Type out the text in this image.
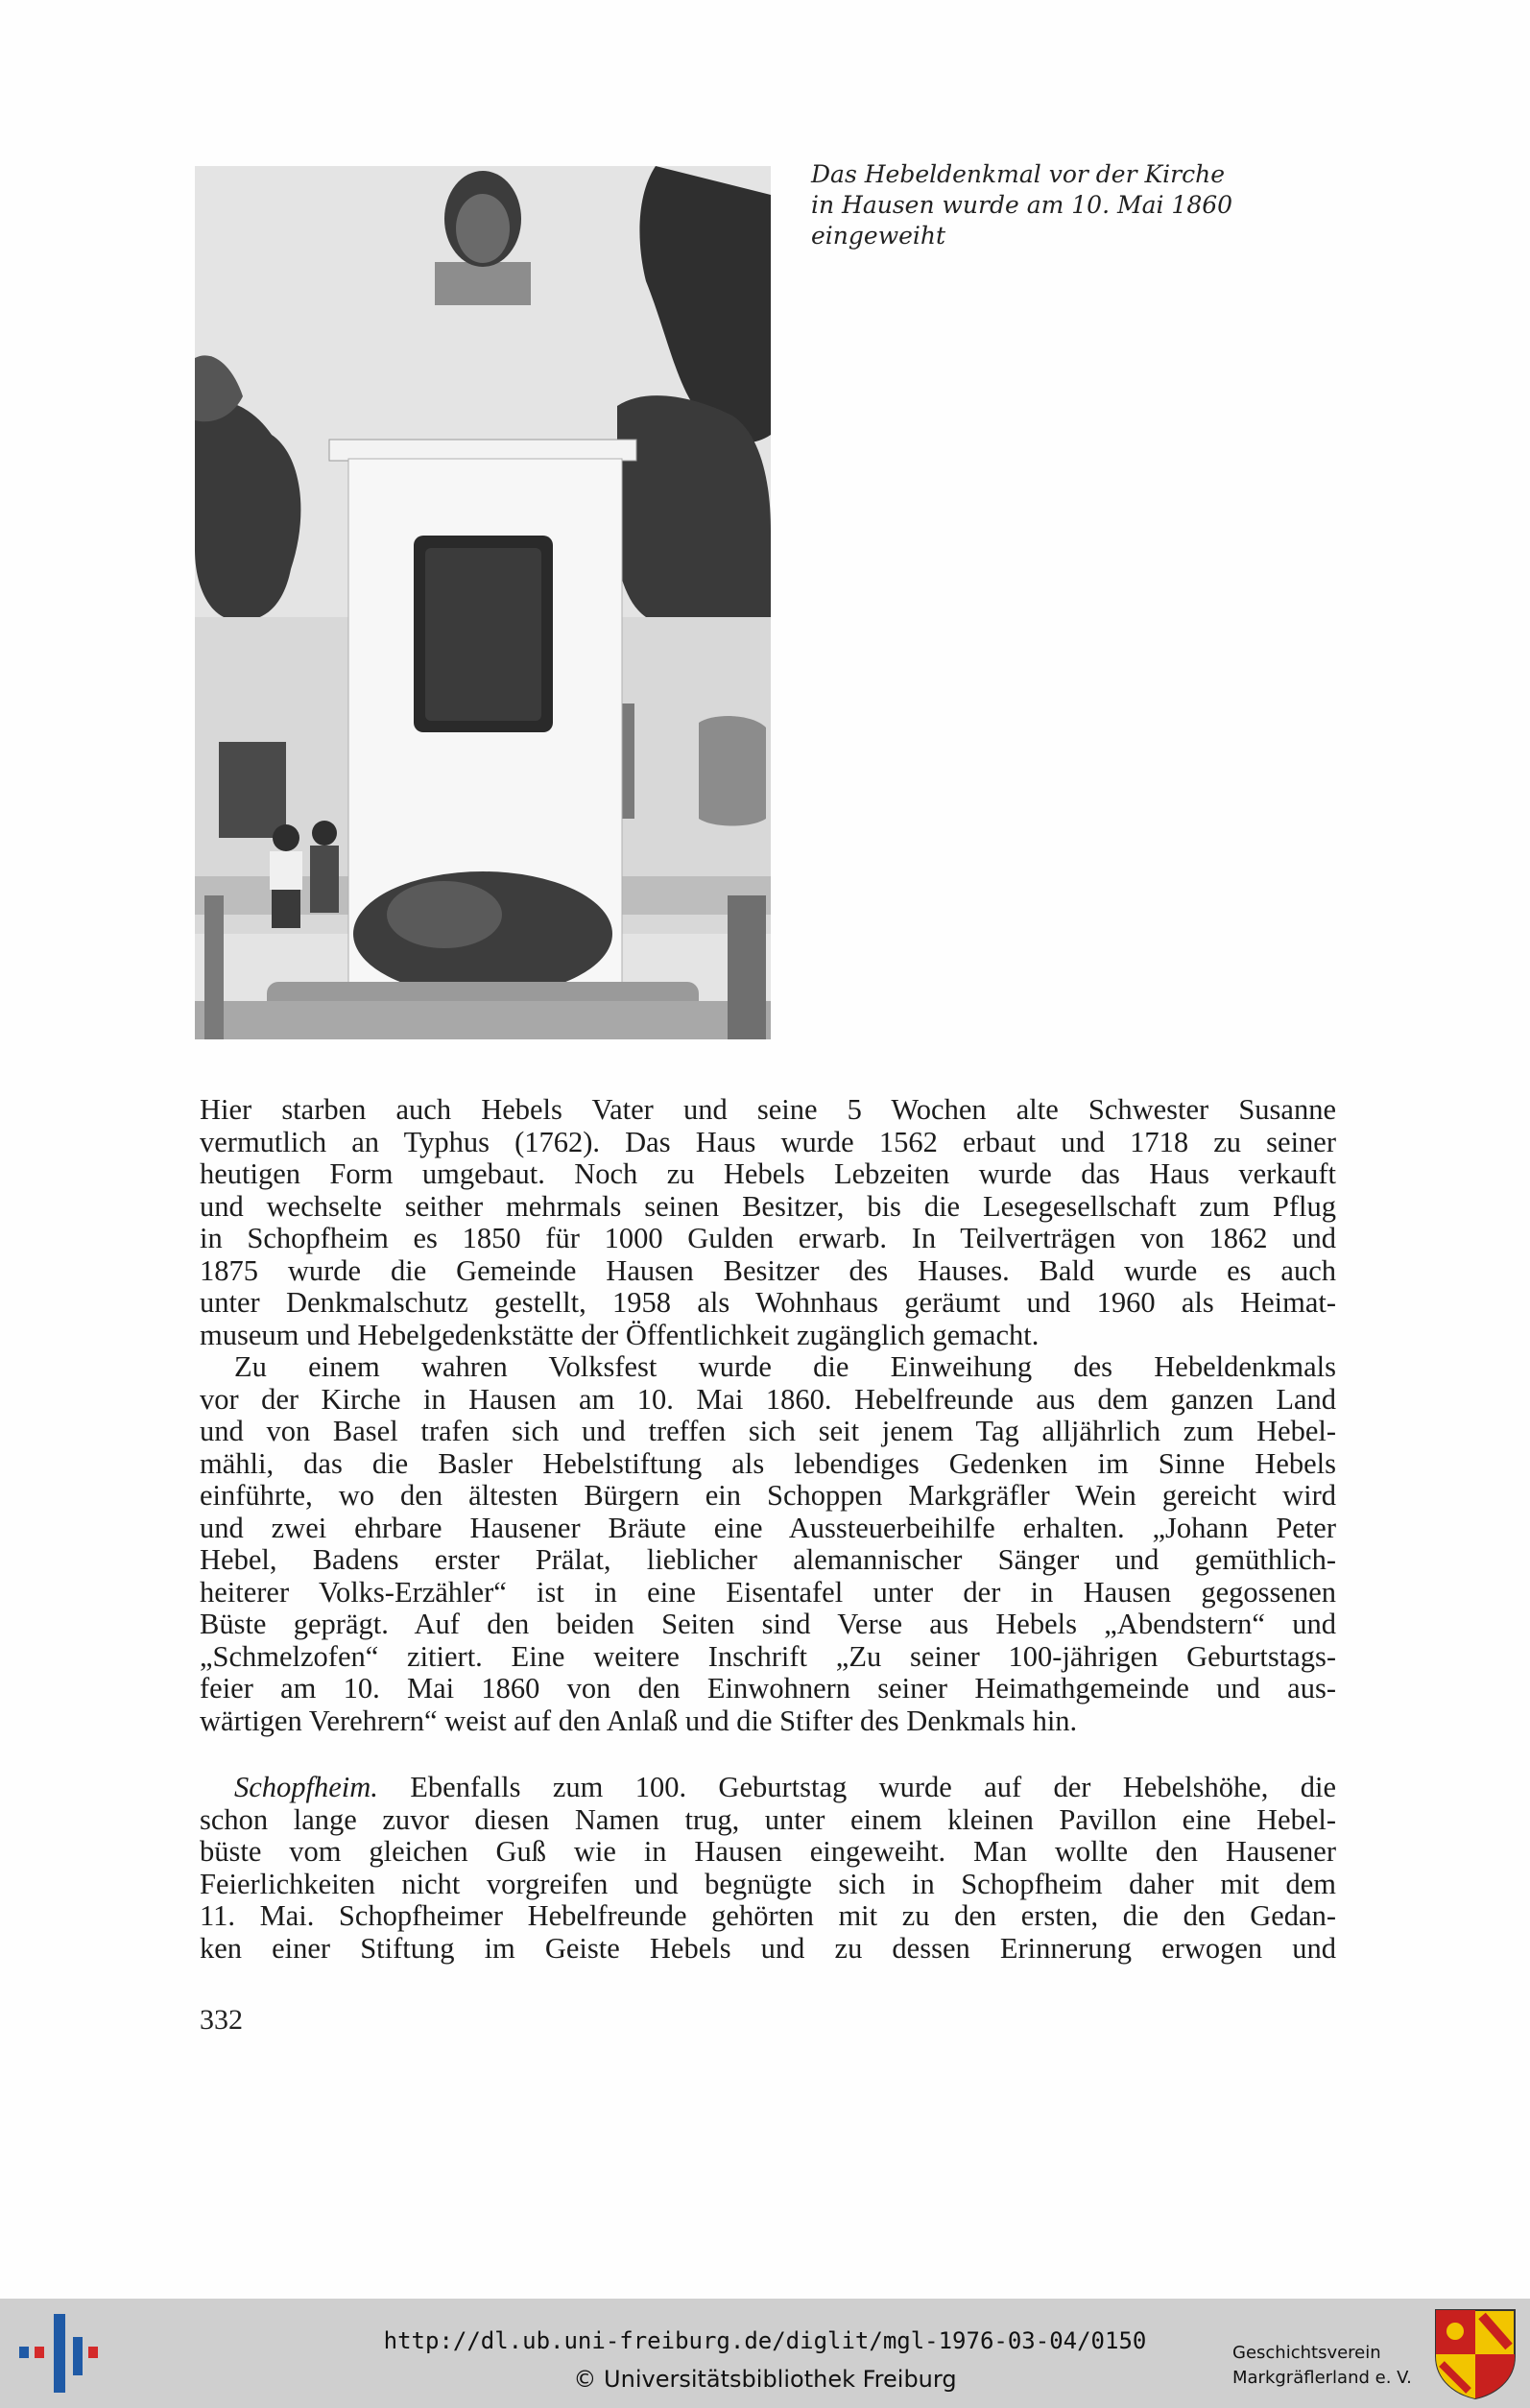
Das Hebeldenkmal vor der Kirche
in Hausen wurde am 10. Mai 1860
eingeweiht
Hier starben auch Hebels Vater und seine 5 Wochen alte Schwester Susanne
vermutlich an Typhus (1762). Das Haus wurde 1562 erbaut und 1718 zu seiner
heutigen Form umgebaut. Noch zu Hebels Lebzeiten wurde das Haus verkauft
und wechselte seither mehrmals seinen Besitzer, bis die Lesegesellschaft zum Pflug
in Schopfheim es 1850 für 1000 Gulden erwarb. In Teilverträgen von 1862 und
1875 wurde die Gemeinde Hausen Besitzer des Hauses. Bald wurde es auch
unter Denkmalschutz gestellt, 1958 als Wohnhaus geräumt und 1960 als Heimat-
museum und Hebelgedenkstätte der Öffentlichkeit zugänglich gemacht.
Zu einem wahren Volksfest wurde die Einweihung des Hebeldenkmals
vor der Kirche in Hausen am 10. Mai 1860. Hebelfreunde aus dem ganzen Land
und von Basel trafen sich und treffen sich seit jenem Tag alljährlich zum Hebel-
mähli, das die Basler Hebelstiftung als lebendiges Gedenken im Sinne Hebels
einführte, wo den ältesten Bürgern ein Schoppen Markgräfler Wein gereicht wird
und zwei ehrbare Hausener Bräute eine Aussteuerbeihilfe erhalten. „Johann Peter
Hebel, Badens erster Prälat, lieblicher alemannischer Sänger und gemüthlich-
heiterer Volks-Erzähler“ ist in eine Eisentafel unter der in Hausen gegossenen
Büste geprägt. Auf den beiden Seiten sind Verse aus Hebels „Abendstern“ und
„Schmelzofen“ zitiert. Eine weitere Inschrift „Zu seiner 100-jährigen Geburtstags-
feier am 10. Mai 1860 von den Einwohnern seiner Heimathgemeinde und aus-
wärtigen Verehrern“ weist auf den Anlaß und die Stifter des Denkmals hin.
Schopfheim. Ebenfalls zum 100. Geburtstag wurde auf der Hebelshöhe, die
schon lange zuvor diesen Namen trug, unter einem kleinen Pavillon eine Hebel-
büste vom gleichen Guß wie in Hausen eingeweiht. Man wollte den Hausener
Feierlichkeiten nicht vorgreifen und begnügte sich in Schopfheim daher mit dem
11. Mai. Schopfheimer Hebelfreunde gehörten mit zu den ersten, die den Gedan-
ken einer Stiftung im Geiste Hebels und zu dessen Erinnerung erwogen und
332
http://dl.ub.uni-freiburg.de/diglit/mgl-1976-03-04/0150
© Universitätsbibliothek Freiburg
Geschichtsverein
Markgräflerland e. V.
